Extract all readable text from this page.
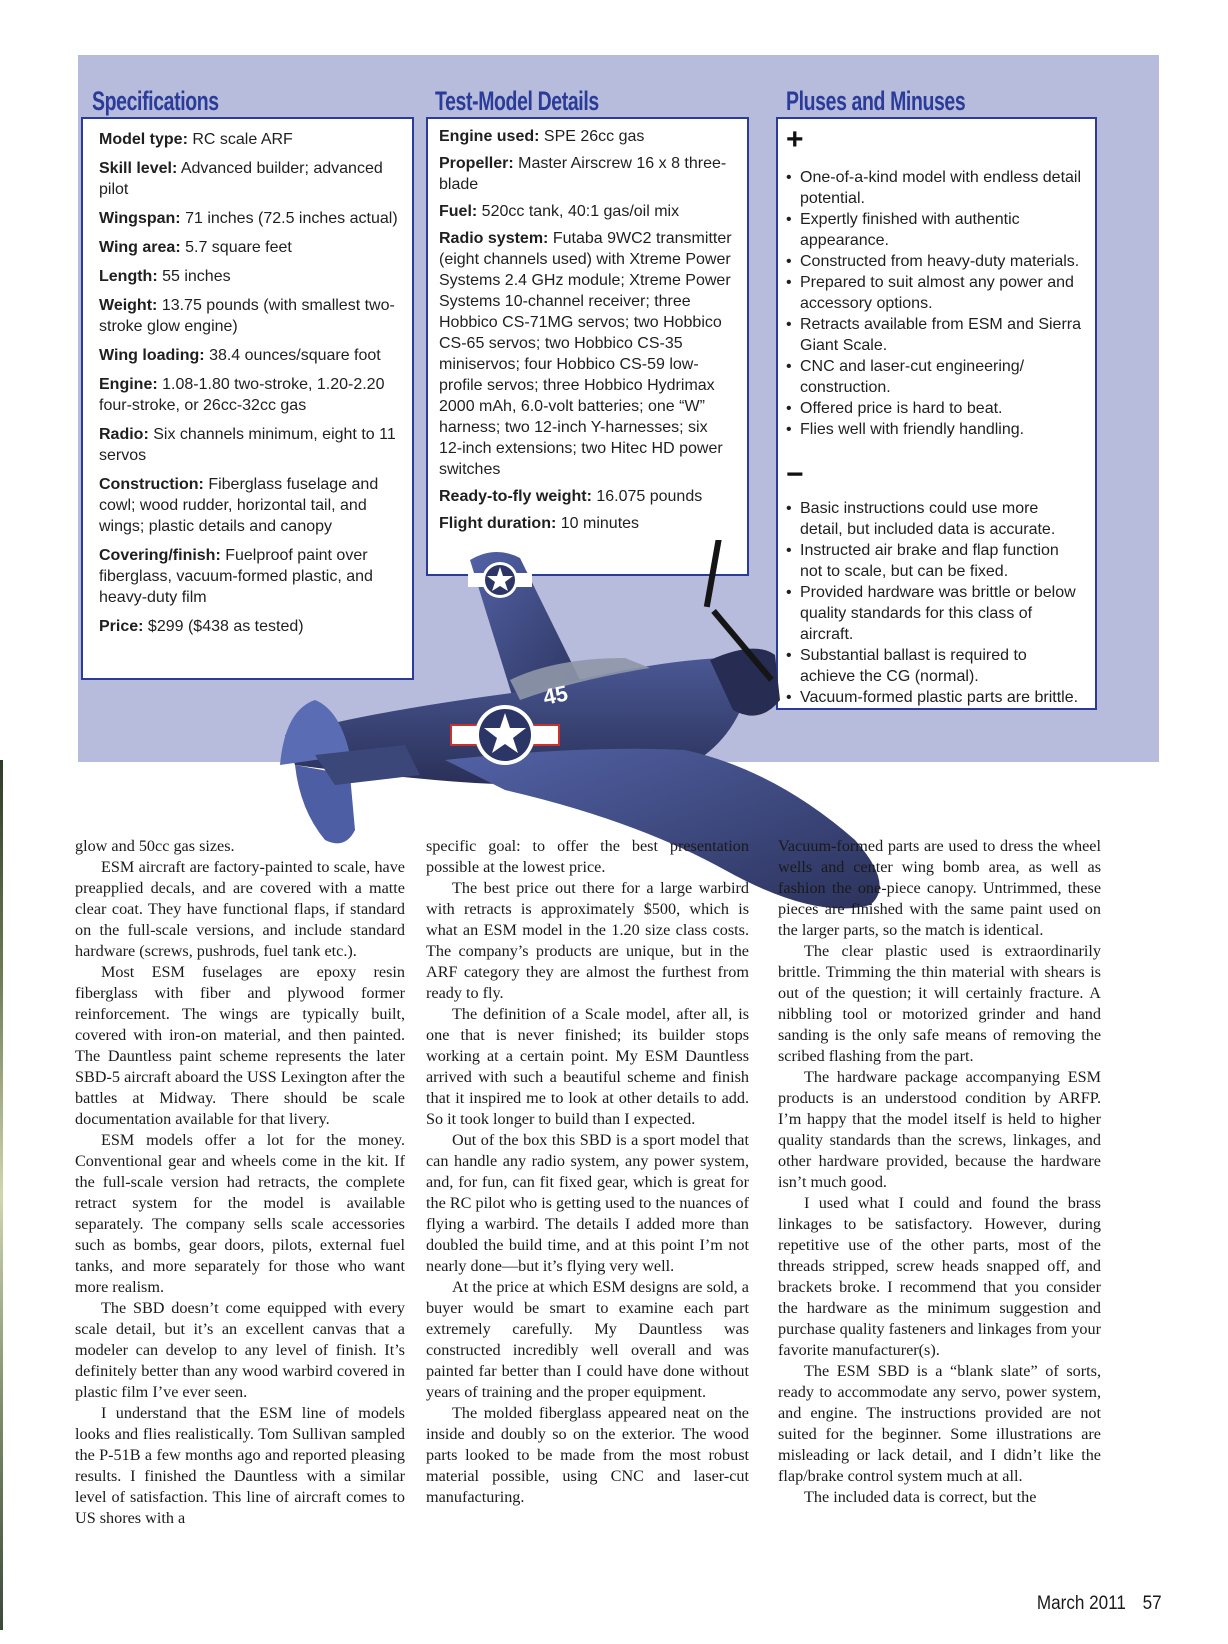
Specifications

Model type: RC scale ARF

Skill level: Advanced builder; advanced pilot

Wingspan: 71 inches (72.5 inches actual)

Wing area: 5.7 square feet

Length: 55 inches

Weight: 13.75 pounds (with smallest two-stroke glow engine)

Wing loading: 38.4 ounces/square foot

Engine: 1.08-1.80 two-stroke, 1.20-2.20 four-stroke, or 26cc-32cc gas

Radio: Six channels minimum, eight to 11 servos

Construction: Fiberglass fuselage and cowl; wood rudder, horizontal tail, and wings; plastic details and canopy

Covering/finish: Fuelproof paint over fiberglass, vacuum-formed plastic, and heavy-duty film

Price: $299 ($438 as tested)

Test-Model Details

Engine used: SPE 26cc gas

Propeller: Master Airscrew 16 x 8 three-blade

Fuel: 520cc tank, 40:1 gas/oil mix

Radio system: Futaba 9WC2 transmitter (eight channels used) with Xtreme Power Systems 2.4 GHz module; Xtreme Power Systems 10-channel receiver; three Hobbico CS-71MG servos; two Hobbico CS-65 servos; two Hobbico CS-35 miniservos; four Hobbico CS-59 low-profile servos; three Hobbico Hydrimax 2000 mAh, 6.0-volt batteries; one “W” harness; two 12-inch Y-harnesses; six 12-inch extensions; two Hitec HD power switches

Ready-to-fly weight: 16.075 pounds

Flight duration: 10 minutes

Pluses and Minuses
+
• One-of-a-kind model with endless detail potential.
• Expertly finished with authentic appearance.
• Constructed from heavy-duty materials.
• Prepared to suit almost any power and accessory options.
• Retracts available from ESM and Sierra Giant Scale.
• CNC and laser-cut engineering/ construction.
• Offered price is hard to beat.
• Flies well with friendly handling.
−
• Basic instructions could use more detail, but included data is accurate.
• Instructed air brake and flap function not to scale, but can be fixed.
• Provided hardware was brittle or below quality standards for this class of aircraft.
• Substantial ballast is required to achieve the CG (normal).
• Vacuum-formed plastic parts are brittle.
45

glow and 50cc gas sizes.

ESM aircraft are factory-painted to scale, have preapplied decals, and are covered with a matte clear coat. They have functional flaps, if standard on the full-scale versions, and include standard hardware (screws, pushrods, fuel tank etc.).

Most ESM fuselages are epoxy resin fiberglass with fiber and plywood former reinforcement. The wings are typically built, covered with iron-on material, and then painted. The Dauntless paint scheme represents the later SBD-5 aircraft aboard the USS Lexington after the battles at Midway. There should be scale documentation available for that livery.

ESM models offer a lot for the money. Conventional gear and wheels come in the kit. If the full-scale version had retracts, the complete retract system for the model is available separately. The company sells scale accessories such as bombs, gear doors, pilots, external fuel tanks, and more separately for those who want more realism.

The SBD doesn’t come equipped with every scale detail, but it’s an excellent canvas that a modeler can develop to any level of finish. It’s definitely better than any wood warbird covered in plastic film I’ve ever seen.

I understand that the ESM line of models looks and flies realistically. Tom Sullivan sampled the P-51B a few months ago and reported pleasing results. I finished the Dauntless with a similar level of satisfaction. This line of aircraft comes to US shores with a

specific goal: to offer the best presentation possible at the lowest price.

The best price out there for a large warbird with retracts is approximately $500, which is what an ESM model in the 1.20 size class costs. The company’s products are unique, but in the ARF category they are almost the furthest from ready to fly.

The definition of a Scale model, after all, is one that is never finished; its builder stops working at a certain point. My ESM Dauntless arrived with such a beautiful scheme and finish that it inspired me to look at other details to add. So it took longer to build than I expected.

Out of the box this SBD is a sport model that can handle any radio system, any power system, and, for fun, can fit fixed gear, which is great for the RC pilot who is getting used to the nuances of flying a warbird. The details I added more than doubled the build time, and at this point I’m not nearly done—but it’s flying very well.

At the price at which ESM designs are sold, a buyer would be smart to examine each part extremely carefully. My Dauntless was constructed incredibly well overall and was painted far better than I could have done without years of training and the proper equipment.

The molded fiberglass appeared neat on the inside and doubly so on the exterior. The wood parts looked to be made from the most robust material possible, using CNC and laser-cut manufacturing.

Vacuum-formed parts are used to dress the wheel wells and center wing bomb area, as well as fashion the one-piece canopy. Untrimmed, these pieces are finished with the same paint used on the larger parts, so the match is identical.

The clear plastic used is extraordinarily brittle. Trimming the thin material with shears is out of the question; it will certainly fracture. A nibbling tool or motorized grinder and hand sanding is the only safe means of removing the scribed flashing from the part.

The hardware package accompanying ESM products is an understood condition by ARFP. I’m happy that the model itself is held to higher quality standards than the screws, linkages, and other hardware provided, because the hardware isn’t much good.

I used what I could and found the brass linkages to be satisfactory. However, during repetitive use of the other parts, most of the threads stripped, screw heads snapped off, and brackets broke. I recommend that you consider the hardware as the minimum suggestion and purchase quality fasteners and linkages from your favorite manufacturer(s).

The ESM SBD is a “blank slate” of sorts, ready to accommodate any servo, power system, and engine. The instructions provided are not suited for the beginner. Some illustrations are misleading or lack detail, and I didn’t like the flap/brake control system much at all.

The included data is correct, but the

March 2011 57
